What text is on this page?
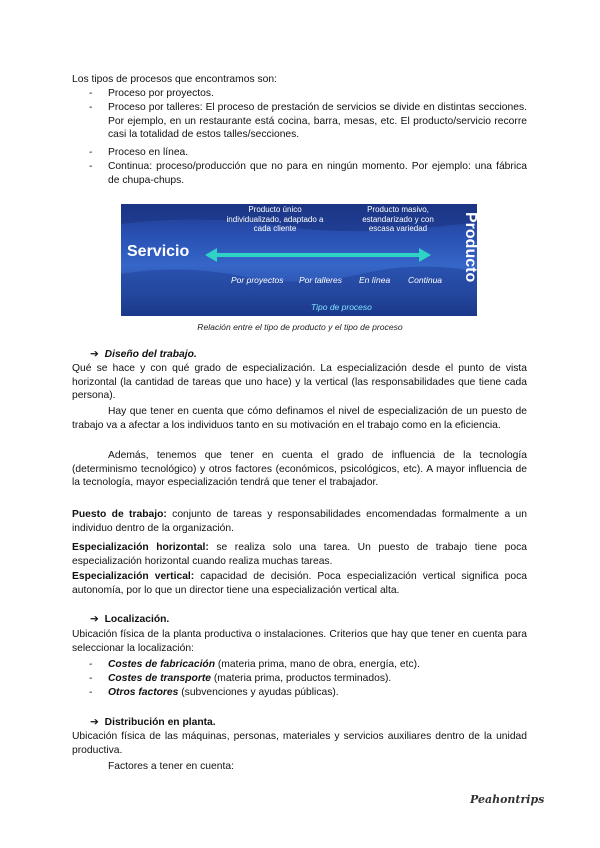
Los tipos de procesos que encontramos son:
- Proceso por proyectos.
- Proceso por talleres: El proceso de prestación de servicios se divide en distintas secciones. Por ejemplo, en un restaurante está cocina, barra, mesas, etc. El producto/servicio recorre casi la totalidad de estos talles/secciones.
- Proceso en línea.
- Continua: proceso/producción que no para en ningún momento. Por ejemplo: una fábrica de chupa-chups.
Servicio	Producto
Producto único individualizado, adaptado a cada cliente
Producto masivo, estandarizado y con escasa variedad
Por proyectos Por talleres En línea Continua
Tipo de proceso
Relación entre el tipo de producto y el tipo de proceso
➔ Diseño del trabajo.
Qué se hace y con qué grado de especialización. La especialización desde el punto de vista horizontal (la cantidad de tareas que uno hace) y la vertical (las responsabilidades que tiene cada persona).
Hay que tener en cuenta que cómo definamos el nivel de especialización de un puesto de trabajo va a afectar a los individuos tanto en su motivación en el trabajo como en la eficiencia.
Además, tenemos que tener en cuenta el grado de influencia de la tecnología (determinismo tecnológico) y otros factores (económicos, psicológicos, etc). A mayor influencia de la tecnología, mayor especialización tendrá que tener el trabajador.
Puesto de trabajo: conjunto de tareas y responsabilidades encomendadas formalmente a un individuo dentro de la organización.
Especialización horizontal: se realiza solo una tarea. Un puesto de trabajo tiene poca especialización horizontal cuando realiza muchas tareas.
Especialización vertical: capacidad de decisión. Poca especialización vertical significa poca autonomía, por lo que un director tiene una especialización vertical alta.
➔ Localización.
Ubicación física de la planta productiva o instalaciones. Criterios que hay que tener en cuenta para seleccionar la localización:
- Costes de fabricación (materia prima, mano de obra, energía, etc).
- Costes de transporte (materia prima, productos terminados).
- Otros factores (subvenciones y ayudas públicas).
➔ Distribución en planta.
Ubicación física de las máquinas, personas, materiales y servicios auxiliares dentro de la unidad productiva.
Factores a tener en cuenta:
Peahontrips
